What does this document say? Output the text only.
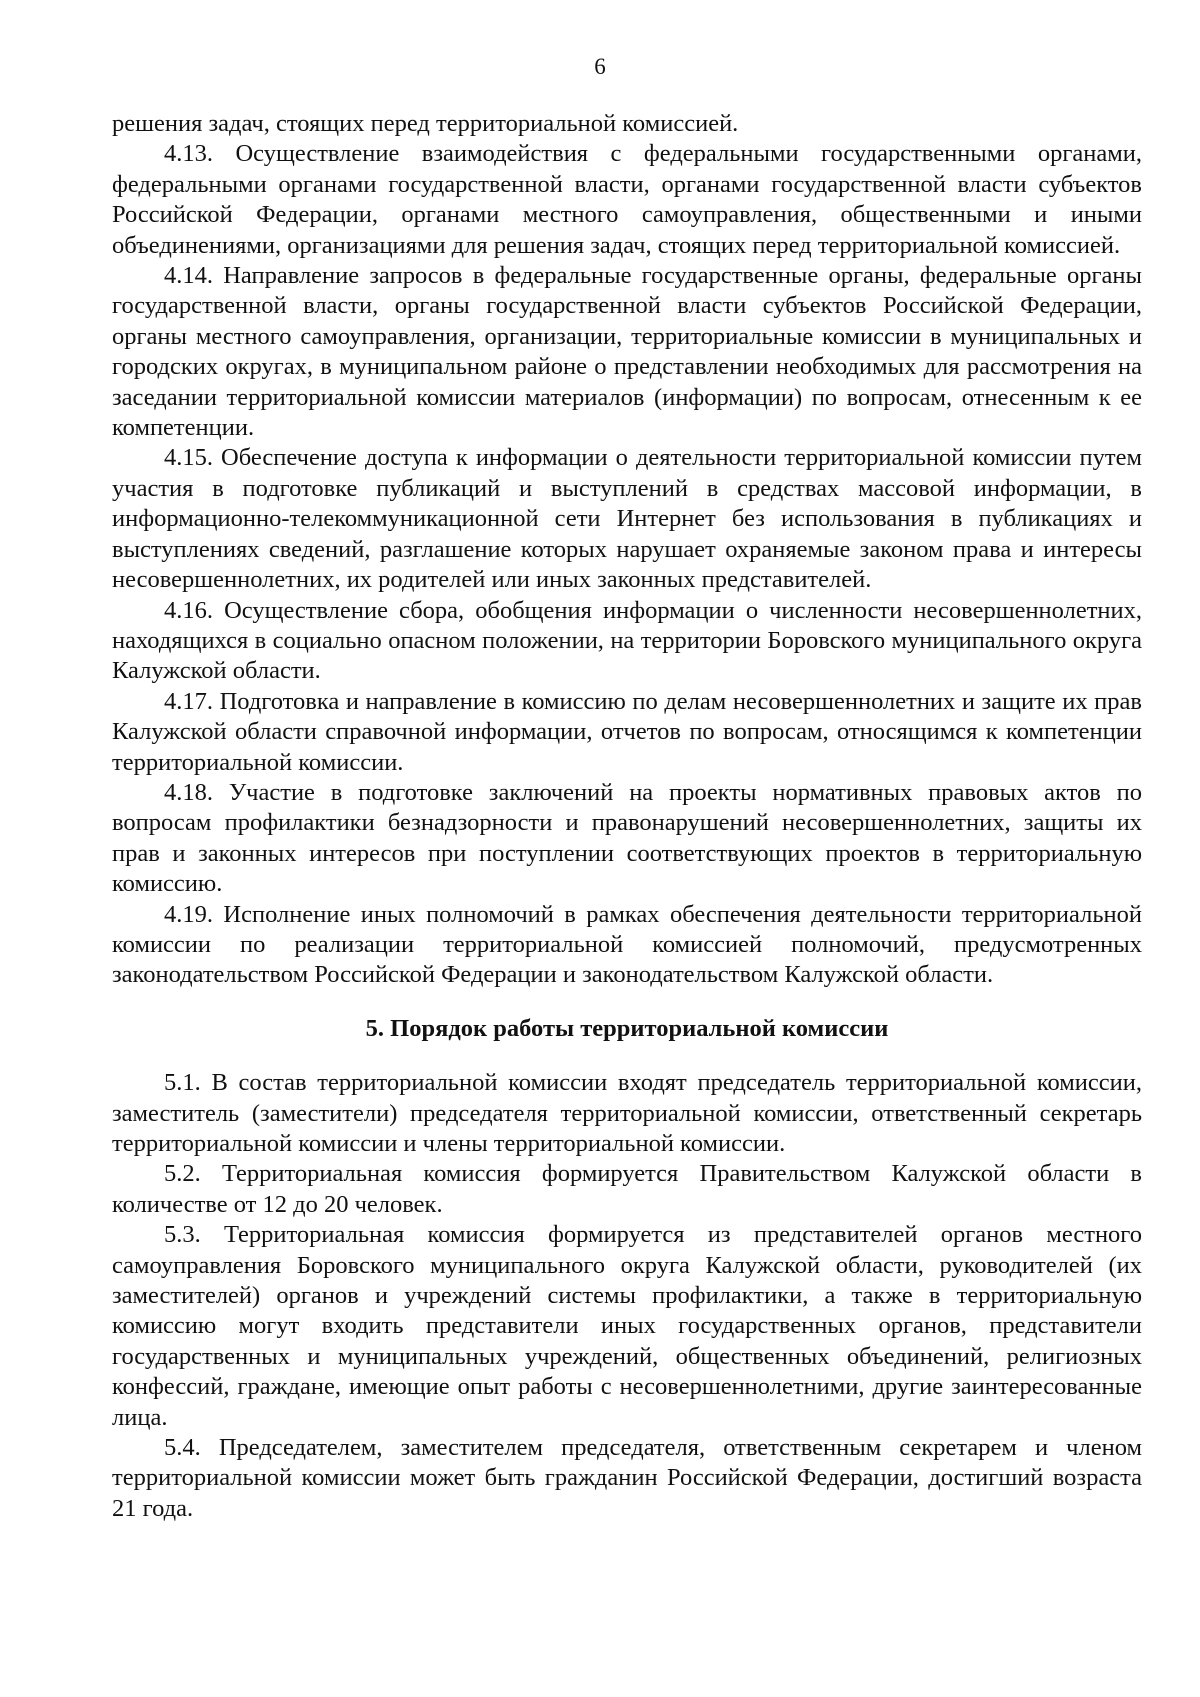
6

решения задач, стоящих перед территориальной комиссией.

4.13. Осуществление взаимодействия с федеральными государственными органами, федеральными органами государственной власти, органами государственной власти субъектов Российской Федерации, органами местного самоуправления, общественными и иными объединениями, организациями для решения задач, стоящих перед территориальной комиссией.

4.14. Направление запросов в федеральные государственные органы, федеральные органы государственной власти, органы государственной власти субъектов Российской Федерации, органы местного самоуправления, организации, территориальные комиссии в муниципальных и городских округах, в муниципальном районе о представлении необходимых для рассмотрения на заседании территориальной комиссии материалов (информации) по вопросам, отнесенным к ее компетенции.

4.15. Обеспечение доступа к информации о деятельности территориальной комиссии путем участия в подготовке публикаций и выступлений в средствах массовой информации, в информационно-телекоммуникационной сети Интернет без использования в публикациях и выступлениях сведений, разглашение которых нарушает охраняемые законом права и интересы несовершеннолетних, их родителей или иных законных представителей.

4.16. Осуществление сбора, обобщения информации о численности несовершеннолетних, находящихся в социально опасном положении, на территории Боровского муниципального округа Калужской области.

4.17. Подготовка и направление в комиссию по делам несовершеннолетних и защите их прав Калужской области справочной информации, отчетов по вопросам, относящимся к компетенции территориальной комиссии.

4.18. Участие в подготовке заключений на проекты нормативных правовых актов по вопросам профилактики безнадзорности и правонарушений несовершеннолетних, защиты их прав и законных интересов при поступлении соответствующих проектов в территориальную комиссию.

4.19. Исполнение иных полномочий в рамках обеспечения деятельности территориальной комиссии по реализации территориальной комиссией полномочий, предусмотренных законодательством Российской Федерации и законодательством Калужской области.

5. Порядок работы территориальной комиссии

5.1. В состав территориальной комиссии входят председатель территориальной комиссии, заместитель (заместители) председателя территориальной комиссии, ответственный секретарь территориальной комиссии и члены территориальной комиссии.

5.2. Территориальная комиссия формируется Правительством Калужской области в количестве от 12 до 20 человек.

5.3. Территориальная комиссия формируется из представителей органов местного самоуправления Боровского муниципального округа Калужской области, руководителей (их заместителей) органов и учреждений системы профилактики, а также в территориальную комиссию могут входить представители иных государственных органов, представители государственных и муниципальных учреждений, общественных объединений, религиозных конфессий, граждане, имеющие опыт работы с несовершеннолетними, другие заинтересованные лица.

5.4. Председателем, заместителем председателя, ответственным секретарем и членом территориальной комиссии может быть гражданин Российской Федерации, достигший возраста 21 года.
